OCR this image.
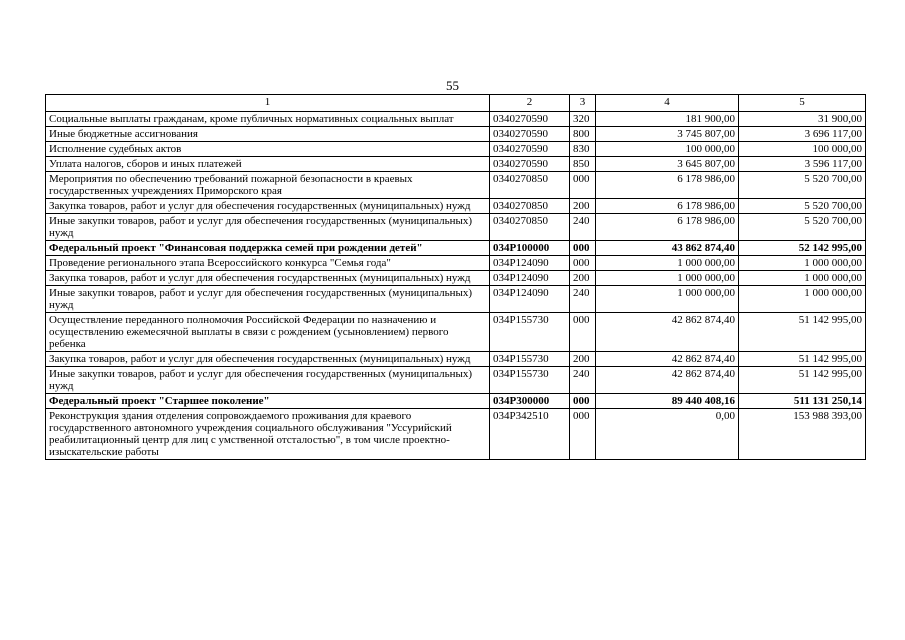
55
1	2	3	4	5
Социальные выплаты гражданам, кроме публичных нормативных социальных выплат	0340270590	320	181 900,00	31 900,00
Иные бюджетные ассигнования	0340270590	800	3 745 807,00	3 696 117,00
Исполнение судебных актов	0340270590	830	100 000,00	100 000,00
Уплата налогов, сборов и иных платежей	0340270590	850	3 645 807,00	3 596 117,00
Мероприятия по обеспечению требований пожарной безопасности в краевых государственных учреждениях Приморского края	0340270850	000	6 178 986,00	5 520 700,00
Закупка товаров, работ и услуг для обеспечения государственных (муниципальных) нужд	0340270850	200	6 178 986,00	5 520 700,00
Иные закупки товаров, работ и услуг для обеспечения государственных (муниципальных) нужд	0340270850	240	6 178 986,00	5 520 700,00
Федеральный проект "Финансовая поддержка семей при рождении детей"	034P100000	000	43 862 874,40	52 142 995,00
Проведение регионального этапа Всероссийского конкурса "Семья года"	034P124090	000	1 000 000,00	1 000 000,00
Закупка товаров, работ и услуг для обеспечения государственных (муниципальных) нужд	034P124090	200	1 000 000,00	1 000 000,00
Иные закупки товаров, работ и услуг для обеспечения государственных (муниципальных) нужд	034P124090	240	1 000 000,00	1 000 000,00
Осуществление переданного полномочия Российской Федерации по назначению и осуществлению ежемесячной выплаты в связи с рождением (усыновлением) первого ребенка	034P155730	000	42 862 874,40	51 142 995,00
Закупка товаров, работ и услуг для обеспечения государственных (муниципальных) нужд	034P155730	200	42 862 874,40	51 142 995,00
Иные закупки товаров, работ и услуг для обеспечения государственных (муниципальных) нужд	034P155730	240	42 862 874,40	51 142 995,00
Федеральный проект "Старшее поколение"	034P300000	000	89 440 408,16	511 131 250,14
Реконструкция здания отделения сопровождаемого проживания для краевого государственного автономного учреждения социального обслуживания "Уссурийский реабилитационный центр для лиц с умственной отсталостью", в том числе проектно-изыскательские работы	034P342510	000	0,00	153 988 393,00
